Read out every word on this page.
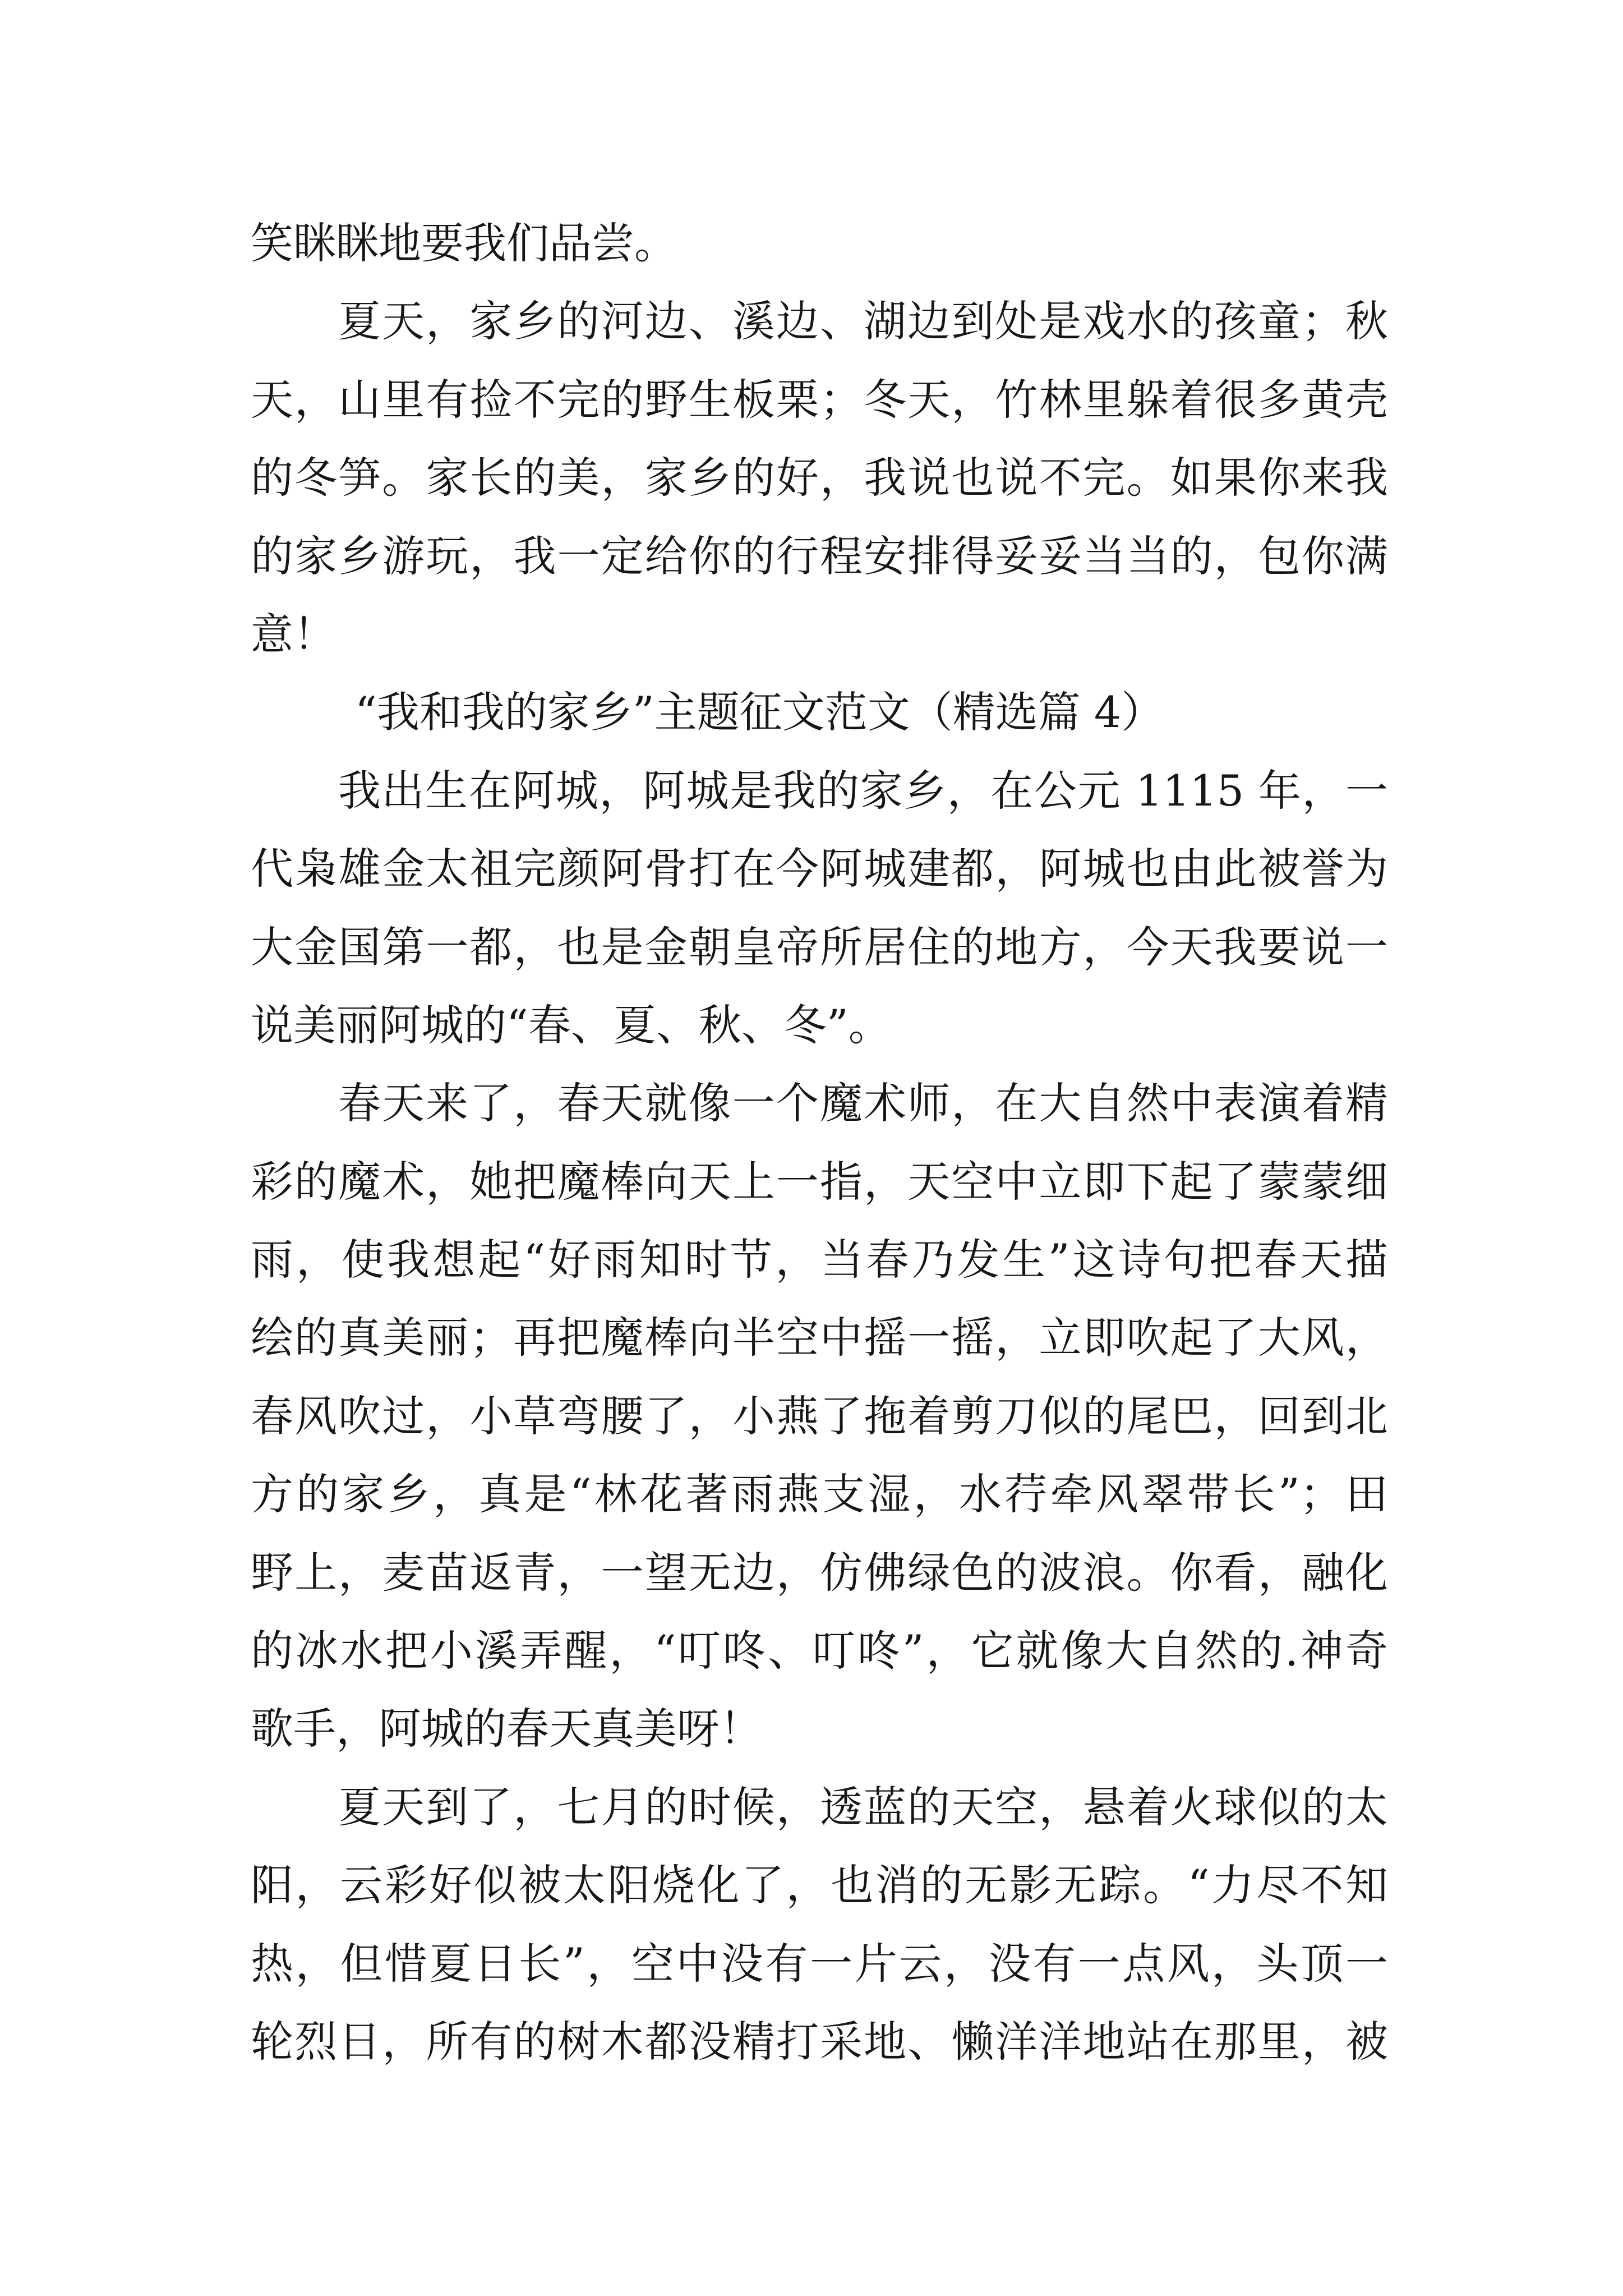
笑眯眯地要我们品尝。
夏天，家乡的河边、溪边、湖边到处是戏水的孩童；秋
天，山里有捡不完的野生板栗；冬天，竹林里躲着很多黄壳
的冬笋。家长的美，家乡的好，我说也说不完。如果你来我
的家乡游玩，我一定给你的行程安排得妥妥当当的，包你满
意！
“我和我的家乡”主题征文范文（精选篇 4）
我出生在阿城，阿城是我的家乡，在公元 1115 年，一
代枭雄金太祖完颜阿骨打在今阿城建都，阿城也由此被誉为
大金国第一都，也是金朝皇帝所居住的地方，今天我要说一
说美丽阿城的“春、夏、秋、冬”。
春天来了，春天就像一个魔术师，在大自然中表演着精
彩的魔术，她把魔棒向天上一指，天空中立即下起了蒙蒙细
雨，使我想起“好雨知时节，当春乃发生”这诗句把春天描
绘的真美丽；再把魔棒向半空中摇一摇，立即吹起了大风，
春风吹过，小草弯腰了，小燕了拖着剪刀似的尾巴，回到北
方的家乡，真是“林花著雨燕支湿，水荇牵风翠带长”；田
野上，麦苗返青，一望无边，仿佛绿色的波浪。你看，融化
的冰水把小溪弄醒，“叮咚、叮咚”，它就像大自然的.神奇
歌手，阿城的春天真美呀！
夏天到了，七月的时候，透蓝的天空，悬着火球似的太
阳，云彩好似被太阳烧化了，也消的无影无踪。“力尽不知
热，但惜夏日长”，空中没有一片云，没有一点风，头顶一
轮烈日，所有的树木都没精打采地、懒洋洋地站在那里，被
